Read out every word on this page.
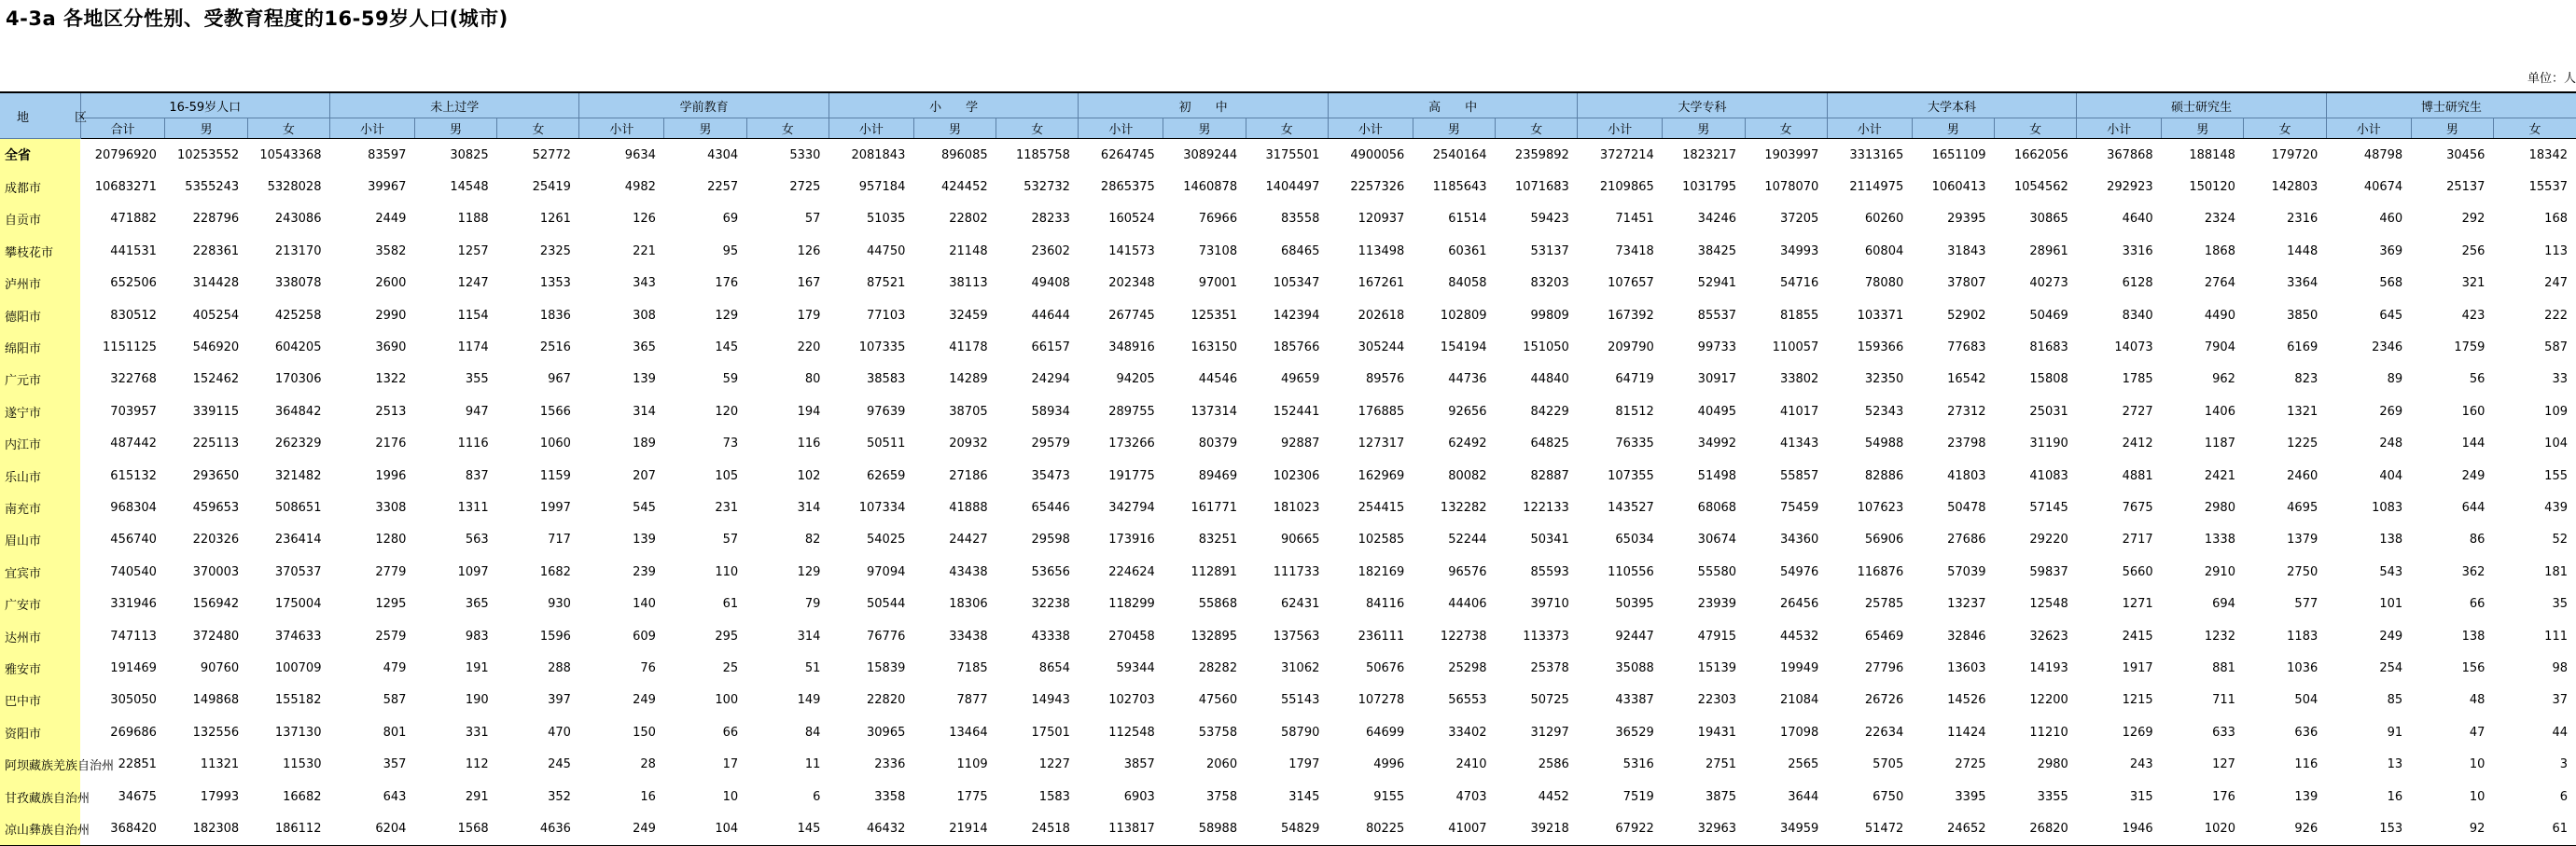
4-3a 各地区分性别、受教育程度的16-59岁人口(城市)
单位：人
地　区	16-59岁人口			未上过学			学前教育			小　　学			初　　中			高　　中			大学专科			大学本科			硕士研究生			博士研究生		
	合计	男	女	小计	男	女	小计	男	女	小计	男	女	小计	男	女	小计	男	女	小计	男	女	小计	男	女	小计	男	女	小计	男	女
全省	20796920	10253552	10543368	83597	30825	52772	9634	4304	5330	2081843	896085	1185758	6264745	3089244	3175501	4900056	2540164	2359892	3727214	1823217	1903997	3313165	1651109	1662056	367868	188148	179720	48798	30456	18342
成都市	10683271	5355243	5328028	39967	14548	25419	4982	2257	2725	957184	424452	532732	2865375	1460878	1404497	2257326	1185643	1071683	2109865	1031795	1078070	2114975	1060413	1054562	292923	150120	142803	40674	25137	15537
自贡市	471882	228796	243086	2449	1188	1261	126	69	57	51035	22802	28233	160524	76966	83558	120937	61514	59423	71451	34246	37205	60260	29395	30865	4640	2324	2316	460	292	168
攀枝花市	441531	228361	213170	3582	1257	2325	221	95	126	44750	21148	23602	141573	73108	68465	113498	60361	53137	73418	38425	34993	60804	31843	28961	3316	1868	1448	369	256	113
泸州市	652506	314428	338078	2600	1247	1353	343	176	167	87521	38113	49408	202348	97001	105347	167261	84058	83203	107657	52941	54716	78080	37807	40273	6128	2764	3364	568	321	247
德阳市	830512	405254	425258	2990	1154	1836	308	129	179	77103	32459	44644	267745	125351	142394	202618	102809	99809	167392	85537	81855	103371	52902	50469	8340	4490	3850	645	423	222
绵阳市	1151125	546920	604205	3690	1174	2516	365	145	220	107335	41178	66157	348916	163150	185766	305244	154194	151050	209790	99733	110057	159366	77683	81683	14073	7904	6169	2346	1759	587
广元市	322768	152462	170306	1322	355	967	139	59	80	38583	14289	24294	94205	44546	49659	89576	44736	44840	64719	30917	33802	32350	16542	15808	1785	962	823	89	56	33
遂宁市	703957	339115	364842	2513	947	1566	314	120	194	97639	38705	58934	289755	137314	152441	176885	92656	84229	81512	40495	41017	52343	27312	25031	2727	1406	1321	269	160	109
内江市	487442	225113	262329	2176	1116	1060	189	73	116	50511	20932	29579	173266	80379	92887	127317	62492	64825	76335	34992	41343	54988	23798	31190	2412	1187	1225	248	144	104
乐山市	615132	293650	321482	1996	837	1159	207	105	102	62659	27186	35473	191775	89469	102306	162969	80082	82887	107355	51498	55857	82886	41803	41083	4881	2421	2460	404	249	155
南充市	968304	459653	508651	3308	1311	1997	545	231	314	107334	41888	65446	342794	161771	181023	254415	132282	122133	143527	68068	75459	107623	50478	57145	7675	2980	4695	1083	644	439
眉山市	456740	220326	236414	1280	563	717	139	57	82	54025	24427	29598	173916	83251	90665	102585	52244	50341	65034	30674	34360	56906	27686	29220	2717	1338	1379	138	86	52
宜宾市	740540	370003	370537	2779	1097	1682	239	110	129	97094	43438	53656	224624	112891	111733	182169	96576	85593	110556	55580	54976	116876	57039	59837	5660	2910	2750	543	362	181
广安市	331946	156942	175004	1295	365	930	140	61	79	50544	18306	32238	118299	55868	62431	84116	44406	39710	50395	23939	26456	25785	13237	12548	1271	694	577	101	66	35
达州市	747113	372480	374633	2579	983	1596	609	295	314	76776	33438	43338	270458	132895	137563	236111	122738	113373	92447	47915	44532	65469	32846	32623	2415	1232	1183	249	138	111
雅安市	191469	90760	100709	479	191	288	76	25	51	15839	7185	8654	59344	28282	31062	50676	25298	25378	35088	15139	19949	27796	13603	14193	1917	881	1036	254	156	98
巴中市	305050	149868	155182	587	190	397	249	100	149	22820	7877	14943	102703	47560	55143	107278	56553	50725	43387	22303	21084	26726	14526	12200	1215	711	504	85	48	37
资阳市	269686	132556	137130	801	331	470	150	66	84	30965	13464	17501	112548	53758	58790	64699	33402	31297	36529	19431	17098	22634	11424	11210	1269	633	636	91	47	44
阿坝藏族羌族自治州	22851	11321	11530	357	112	245	28	17	11	2336	1109	1227	3857	2060	1797	4996	2410	2586	5316	2751	2565	5705	2725	2980	243	127	116	13	10	3
甘孜藏族自治州	34675	17993	16682	643	291	352	16	10	6	3358	1775	1583	6903	3758	3145	9155	4703	4452	7519	3875	3644	6750	3395	3355	315	176	139	16	10	6
凉山彝族自治州	368420	182308	186112	6204	1568	4636	249	104	145	46432	21914	24518	113817	58988	54829	80225	41007	39218	67922	32963	34959	51472	24652	26820	1946	1020	926	153	92	61
